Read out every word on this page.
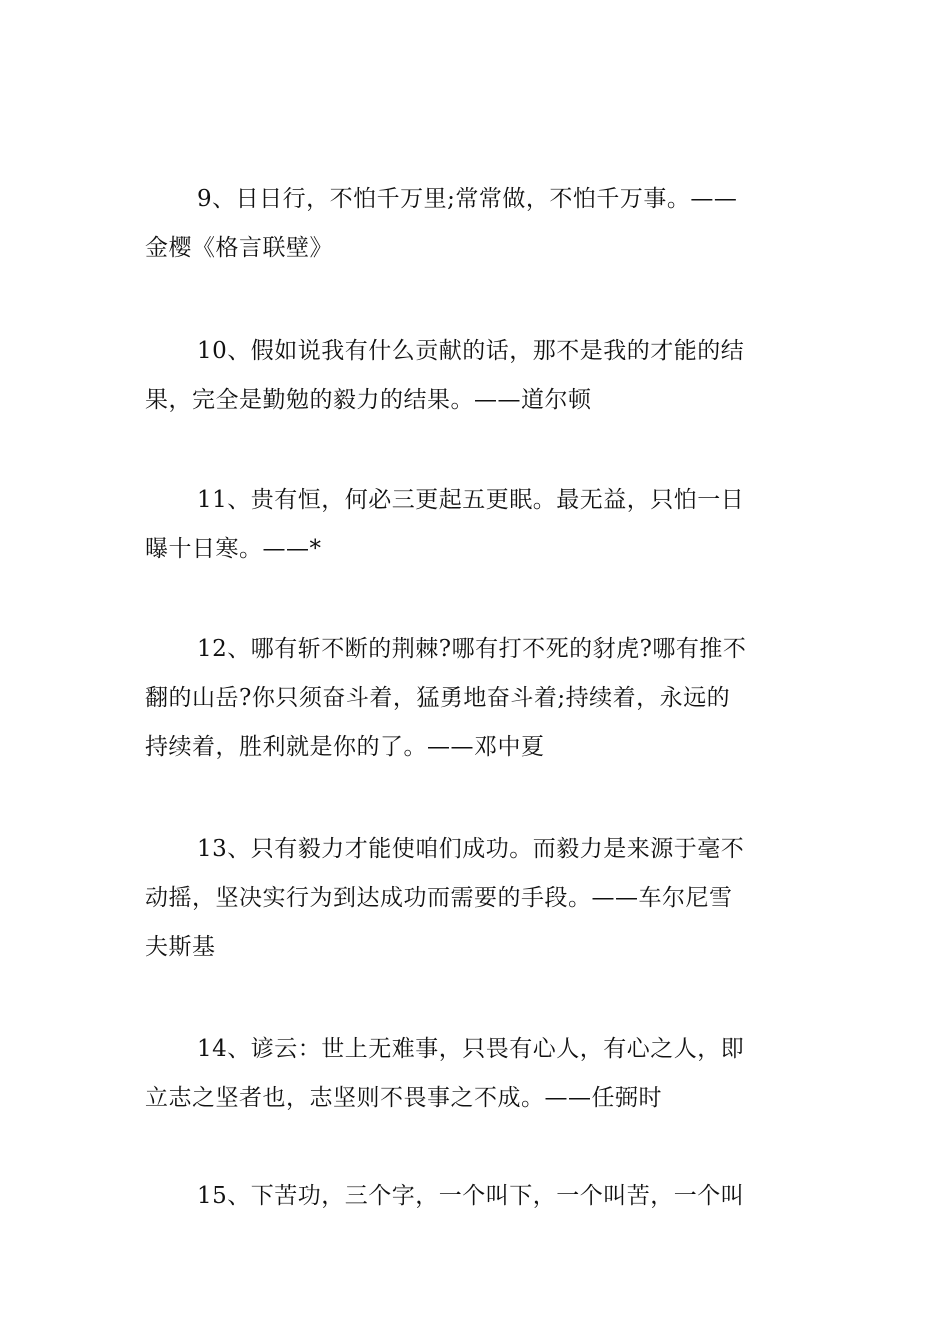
9、日日行，不怕千万里;常常做，不怕千万事。——
金樱《格言联壁》
10、假如说我有什么贡献的话，那不是我的才能的结
果，完全是勤勉的毅力的结果。——道尔顿
11、贵有恒，何必三更起五更眠。最无益，只怕一日
曝十日寒。——*
12、哪有斩不断的荆棘?哪有打不死的豺虎?哪有推不
翻的山岳?你只须奋斗着，猛勇地奋斗着;持续着，永远的
持续着，胜利就是你的了。——邓中夏
13、只有毅力才能使咱们成功。而毅力是来源于毫不
动摇，坚决实行为到达成功而需要的手段。——车尔尼雪
夫斯基
14、谚云：世上无难事，只畏有心人，有心之人，即
立志之坚者也，志坚则不畏事之不成。——任弼时
15、下苦功，三个字，一个叫下，一个叫苦，一个叫
